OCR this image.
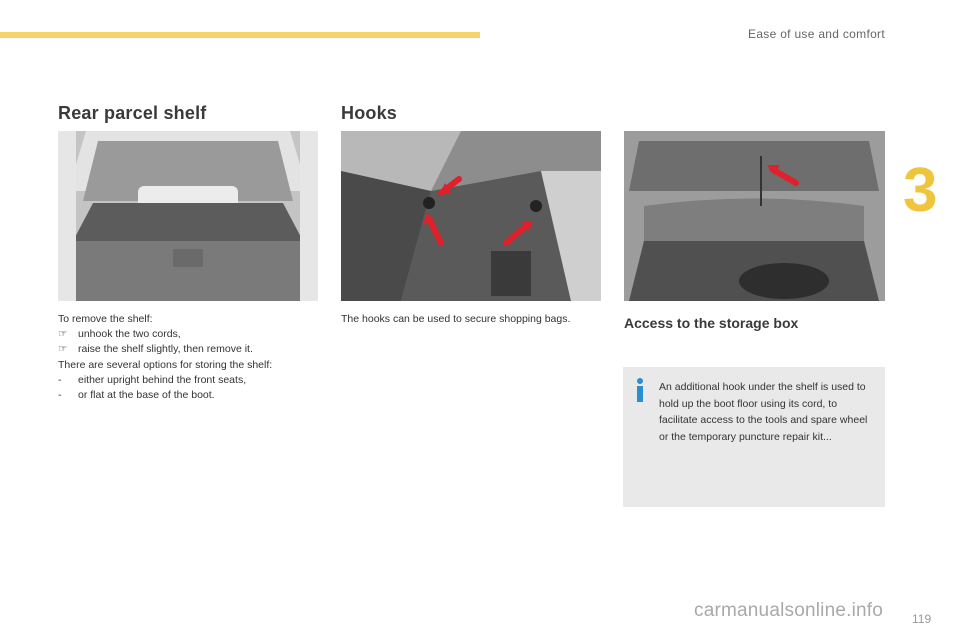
Ease of use and comfort
3
Rear parcel shelf
To remove the shelf:
☞	unhook the two cords,
☞	raise the shelf slightly, then remove it.
There are several options for storing the shelf:
-	either upright behind the front seats,
-	or flat at the base of the boot.
Hooks
The hooks can be used to secure shopping bags.	Access to the storage box
An additional hook under the shelf is used to hold up the boot floor using its cord, to facilitate access to the tools and spare wheel or the temporary puncture repair kit...
119
carmanualsonline.info
